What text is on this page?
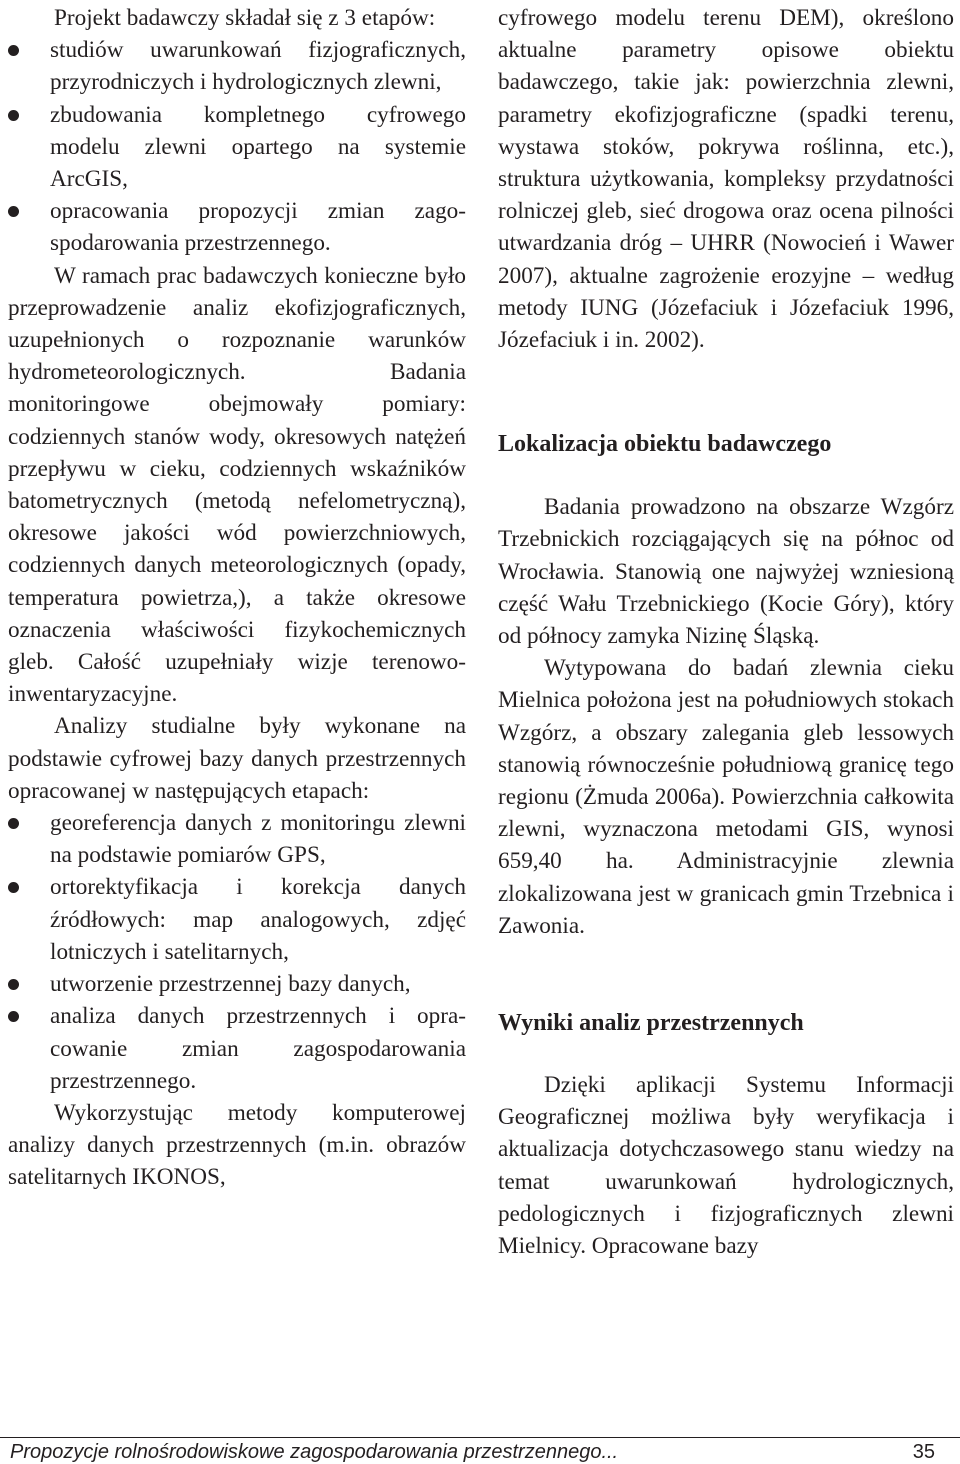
Projekt badawczy składał się z 3 etapów:

studiów uwarunkowań fizjograficznych, przyrodniczych i hydrologicznych zlewni,
zbudowania kompletnego cyfrowego modelu zlewni opartego na systemie ArcGIS,
opracowania propozycji zmian zagospodarowania przestrzennego.

W ramach prac badawczych konieczne było przeprowadzenie analiz ekofizjograficznych, uzupełnionych o rozpoznanie warunków hydrometeorologicznych. Badania monitoringowe obejmowały pomiary: codziennych stanów wody, okresowych natężeń przepływu w cieku, codziennych wskaźników batometrycznych (metodą nefelometryczną), okresowe jakości wód powierzchniowych, codziennych danych meteorologicznych (opady, temperatura powietrza,), a także okresowe oznaczenia właściwości fizykochemicznych gleb. Całość uzupełniały wizje terenowo-inwentaryzacyjne.

Analizy studialne były wykonane na podstawie cyfrowej bazy danych przestrzennych opracowanej w następujących etapach:

georeferencja danych z monitoringu zlewni na podstawie pomiarów GPS,
ortorektyfikacja i korekcja danych źródłowych: map analogowych, zdjęć lotniczych i satelitarnych,
utworzenie przestrzennej bazy danych,
analiza danych przestrzennych i opracowanie zmian zagospodarowania przestrzennego.

Wykorzystując metody komputerowej analizy danych przestrzennych (m.in. obrazów satelitarnych IKONOS,

cyfrowego modelu terenu DEM), określono aktualne parametry opisowe obiektu badawczego, takie jak: powierzchnia zlewni, parametry ekofizjograficzne (spadki terenu, wystawa stoków, pokrywa roślinna, etc.), struktura użytkowania, kompleksy przydatności rolniczej gleb, sieć drogowa oraz ocena pilności utwardzania dróg – UHRR (Nowocień i Wawer 2007), aktualne zagrożenie erozyjne – według metody IUNG (Józefaciuk i Józefaciuk 1996, Józefaciuk i in. 2002).

Lokalizacja obiektu badawczego

Badania prowadzono na obszarze Wzgórz Trzebnickich rozciągających się na północ od Wrocławia. Stanowią one najwyżej wzniesioną część Wału Trzebnickiego (Kocie Góry), który od północy zamyka Nizinę Śląską.

Wytypowana do badań zlewnia cieku Mielnica położona jest na południowych stokach Wzgórz, a obszary zalegania gleb lessowych stanowią równocześnie południową granicę tego regionu (Żmuda 2006a). Powierzchnia całkowita zlewni, wyznaczona metodami GIS, wynosi 659,40 ha. Administracyjnie zlewnia zlokalizowana jest w granicach gmin Trzebnica i Zawonia.

Wyniki analiz przestrzennych

Dzięki aplikacji Systemu Informacji Geograficznej możliwa były weryfikacja i aktualizacja dotychczasowego stanu wiedzy na temat uwarunkowań hydrologicznych, pedologicznych i fizjograficznych zlewni Mielnicy. Opracowane bazy

Propozycje rolnośrodowiskowe zagospodarowania przestrzennego...	35
